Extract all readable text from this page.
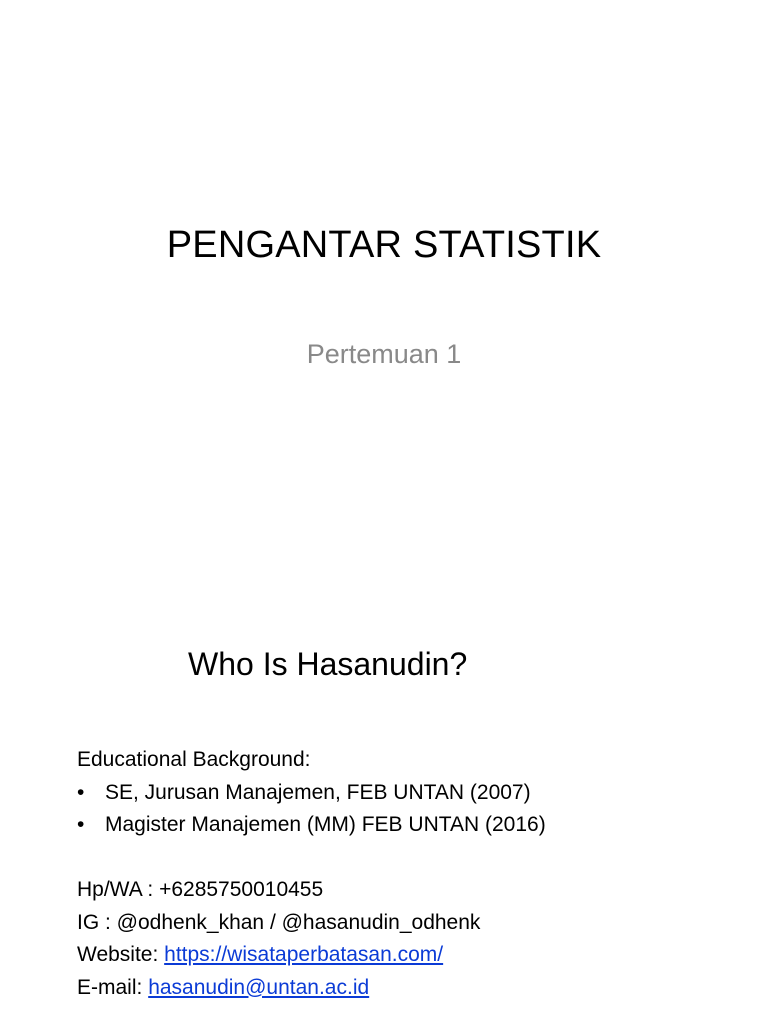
PENGANTAR STATISTIK
Pertemuan 1
Who Is Hasanudin?
Educational Background:
• SE, Jurusan Manajemen, FEB UNTAN (2007)
• Magister Manajemen (MM) FEB UNTAN (2016)
Hp/WA : +6285750010455
IG : @odhenk_khan / @hasanudin_odhenk
Website: https://wisataperbatasan.com/
E-mail: hasanudin@untan.ac.id
